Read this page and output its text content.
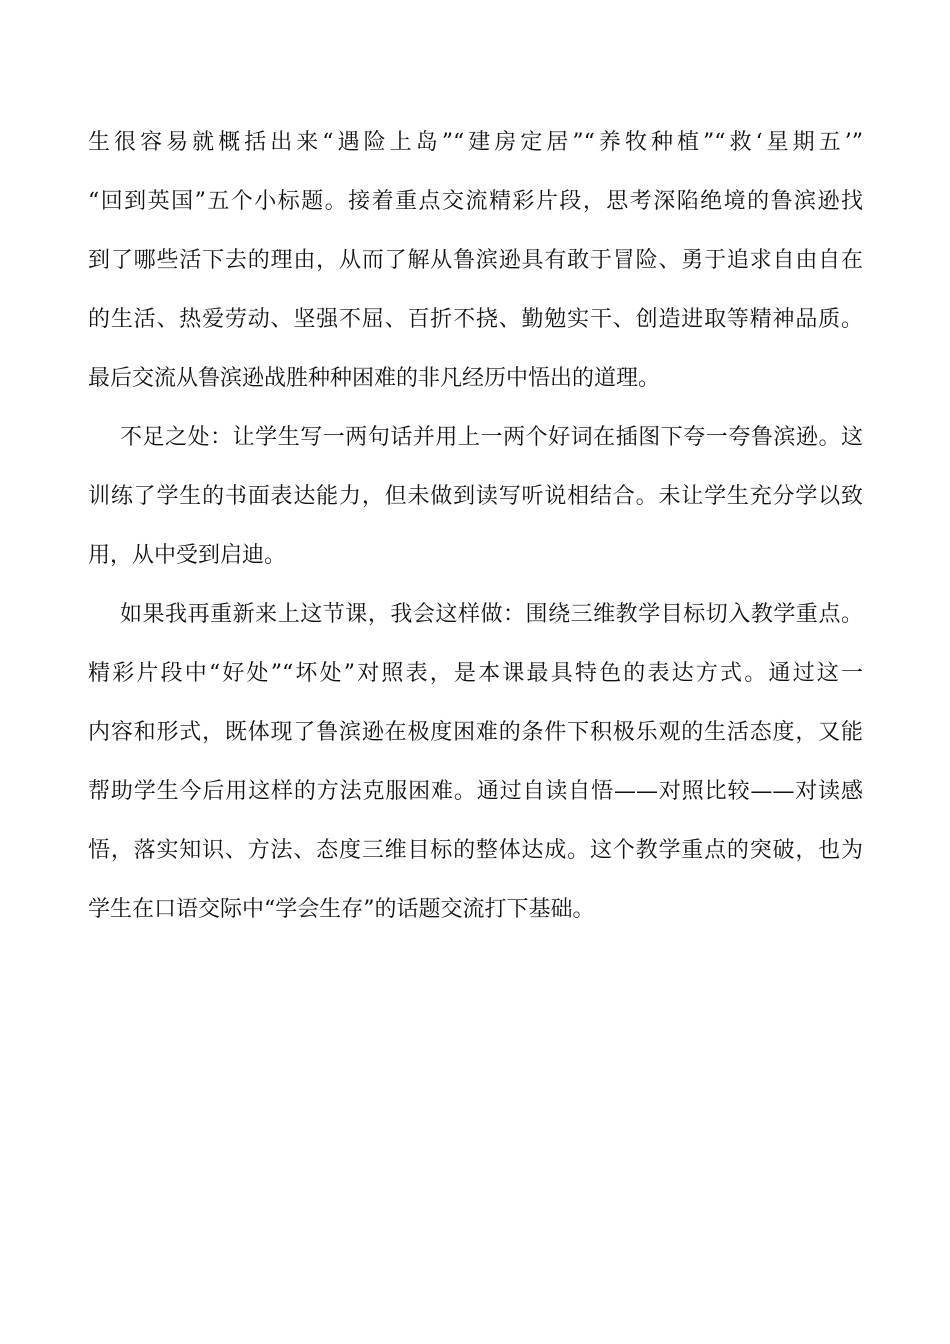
生很容易就概括出来“遇险上岛”“建房定居”“养牧种植”“救‘星期五’”
“回到英国”五个小标题。接着重点交流精彩片段，思考深陷绝境的鲁滨逊找
到了哪些活下去的理由，从而了解从鲁滨逊具有敢于冒险、勇于追求自由自在
的生活、热爱劳动、坚强不屈、百折不挠、勤勉实干、创造进取等精神品质。
最后交流从鲁滨逊战胜种种困难的非凡经历中悟出的道理。
不足之处：让学生写一两句话并用上一两个好词在插图下夸一夸鲁滨逊。这
训练了学生的书面表达能力，但未做到读写听说相结合。未让学生充分学以致
用，从中受到启迪。
如果我再重新来上这节课，我会这样做：围绕三维教学目标切入教学重点。
精彩片段中“好处”“坏处”对照表，是本课最具特色的表达方式。通过这一
内容和形式，既体现了鲁滨逊在极度困难的条件下积极乐观的生活态度，又能
帮助学生今后用这样的方法克服困难。通过自读自悟——对照比较——对读感
悟，落实知识、方法、态度三维目标的整体达成。这个教学重点的突破，也为
学生在口语交际中“学会生存”的话题交流打下基础。
